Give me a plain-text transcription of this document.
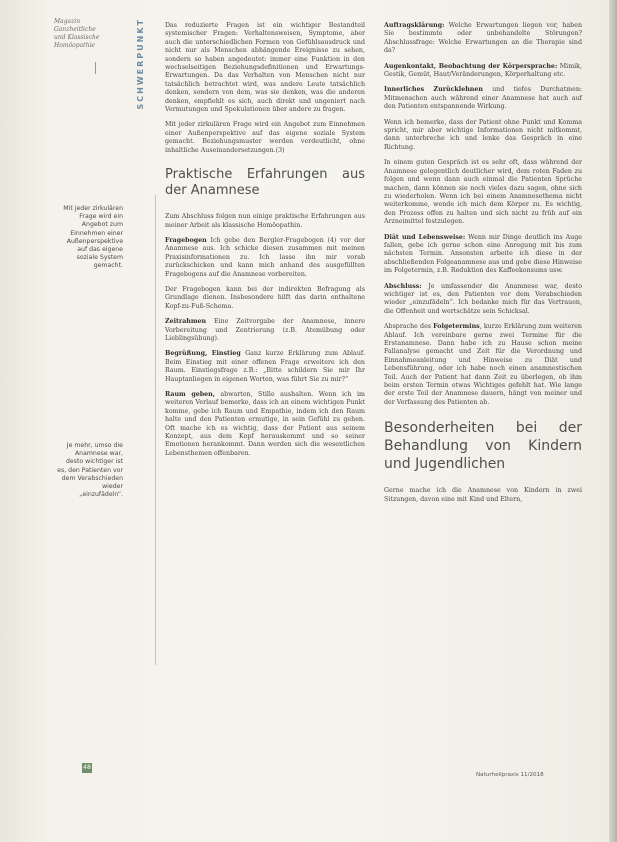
Magazin
Ganzheitliche
und Klassische
Homöopathie	SCHWERPUNKT
Mit jeder zirkulären Frage wird ein Angebot zum Einnehmen einer Außenperspektive auf das eigene soziale System gemacht.
Je mehr, umso die Anamnese war, desto wichtiger ist es, den Patienten vor dem Verabschieden wieder „einzufädeln“.

Das reduzierte Fragen ist ein wichtiger Bestandteil systemischer Fragen: Verhaltensweisen, Symptome, aber auch die unterschiedlichen Formen von Gefühlsausdruck und nicht nur als Menschen abhängende Ereignisse zu sehen, sondern so haben angedeutet: immer eine Funktion in den wechselseitigen Beziehungsdefinitionen und Erwartungs-Erwartungen. Da das Verhalten von Menschen nicht nur tatsächlich betrachtet wird, was andere Leute tatsächlich denken, sondern von dem, was sie denken, was die anderen denken, empfiehlt es sich, auch direkt und ungeniert nach Vermutungen und Spekulationen über andere zu fragen.

Mit jeder zirkulären Frage wird ein Angebot zum Einnehmen einer Außenperspektive auf das eigene soziale System gemacht. Beziehungsmuster werden verdeutlicht, ohne inhaltliche Auseinandersetzungen.(3)

Praktische Erfahrungen aus der Anamnese

Zum Abschluss folgen nun einige praktische Erfahrungen aus meiner Arbeit als klassische Homöopathin.

Fragebogen Ich gebe den Bergler-Fragebogen (4) vor der Anamnese aus. Ich schicke diesen zusammen mit meinen Praxisinformationen zu. Ich lasse ihn mir vorab zurückschicken und kann mich anhand des ausgefüllten Fragebogens auf die Anamnese vorbereiten.

Der Fragebogen kann bei der indirekten Befragung als Grundlage dienen. Insbesondere hilft das darin enthaltene Kopf-zu-Fuß-Schema.

Zeitrahmen Eine Zeitvorgabe der Anamnese, innere Vorbereitung und Zentrierung (z.B. Atemübung oder Lieblingsübung).

Begrüßung, Einstieg Ganz kurze Erklärung zum Ablauf. Beim Einstieg mit einer offenen Frage erweitere ich den Raum. Einstiegsfrage z.B.: „Bitte schildern Sie mir Ihr Hauptanliegen in eigenen Worten, was führt Sie zu mir?“

Raum geben, abwarten, Stille aushalten. Wenn ich im weiteren Verlauf bemerke, dass ich an einem wichtigen Punkt komme, gebe ich Raum und Empathie, indem ich den Raum halte und den Patienten ermutige, in sein Gefühl zu gehen. Oft mache ich es wichtig, dass der Patient aus seinem Konzept, aus dem Kopf herauskommt und so seiner Emotionen herankommt. Dann werden sich die wesentlichen Lebensthemen offenbaren.

Auftragsklärung: Welche Erwartungen liegen vor, haben Sie bestimmte oder unbehandelte Störungen? Abschlussfrage: Welche Erwartungen an die Therapie sind da?

Augenkontakt, Beobachtung der Körpersprache: Mimik, Gestik, Gemüt, Haut/Veränderungen, Körperhaltung etc.

Innerliches Zurücklehnen und tiefes Durchatmen: Mitmenschen auch während einer Anamnese hat auch auf den Patienten entspannende Wirkung.

Wenn ich bemerke, dass der Patient ohne Punkt und Komma spricht, mir aber wichtige Informationen nicht mitkommt, dann unterbreche ich und lenke das Gespräch in eine Richtung.

In einem guten Gespräch ist es sehr oft, dass während der Anamnese gelegentlich deutlicher wird, dem roten Faden zu folgen und wenn dann auch einmal die Patienten Sprüche machen, dann können sie noch vieles dazu sagen, ohne sich zu wiederholen. Wenn ich bei einem Anamnesethema nicht weiterkomme, wende ich mich dem Körper zu. Es wichtig, den Prozess offen zu halten und sich nicht zu früh auf ein Arzneimittel festzulegen.

Diät und Lebensweise: Wenn mir Dinge deutlich ins Auge fallen, gebe ich gerne schon eine Anregung mit bis zum nächsten Termin. Ansonsten arbeite ich diese in der abschließenden Folgeanamnese aus und gebe diese Hinweise im Folgetermin, z.B. Reduktion des Kaffeekonsums usw.

Abschluss: Je umfassender die Anamnese war, desto wichtiger ist es, den Patienten vor dem Verabschieden wieder „einzufädeln“. Ich bedanke mich für das Vertrauen, die Offenheit und wertschätze sein Schicksal.

Absprache des Folgetermins, kurze Erklärung zum weiteren Ablauf. Ich vereinbare gerne zwei Termine für die Erstanamnese. Dann habe ich zu Hause schon meine Fallanalyse gemacht und Zeit für die Verordnung und Einnahmeanleitung und Hinweise zu Diät und Lebensführung, oder ich habe noch einen anamnestischen Teil. Auch der Patient hat dann Zeit zu überlegen, ob ihm beim ersten Termin etwas Wichtiges gefehlt hat. Wie lange der erste Teil der Anamnese dauern, hängt von meiner und der Verfassung des Patienten ab.

Besonderheiten bei der Behandlung von Kindern und Jugendlichen

Gerne mache ich die Anamnese von Kindern in zwei Sitzungen, davon eine mit Kind und Eltern,

48
Naturheilpraxis 11/2018
